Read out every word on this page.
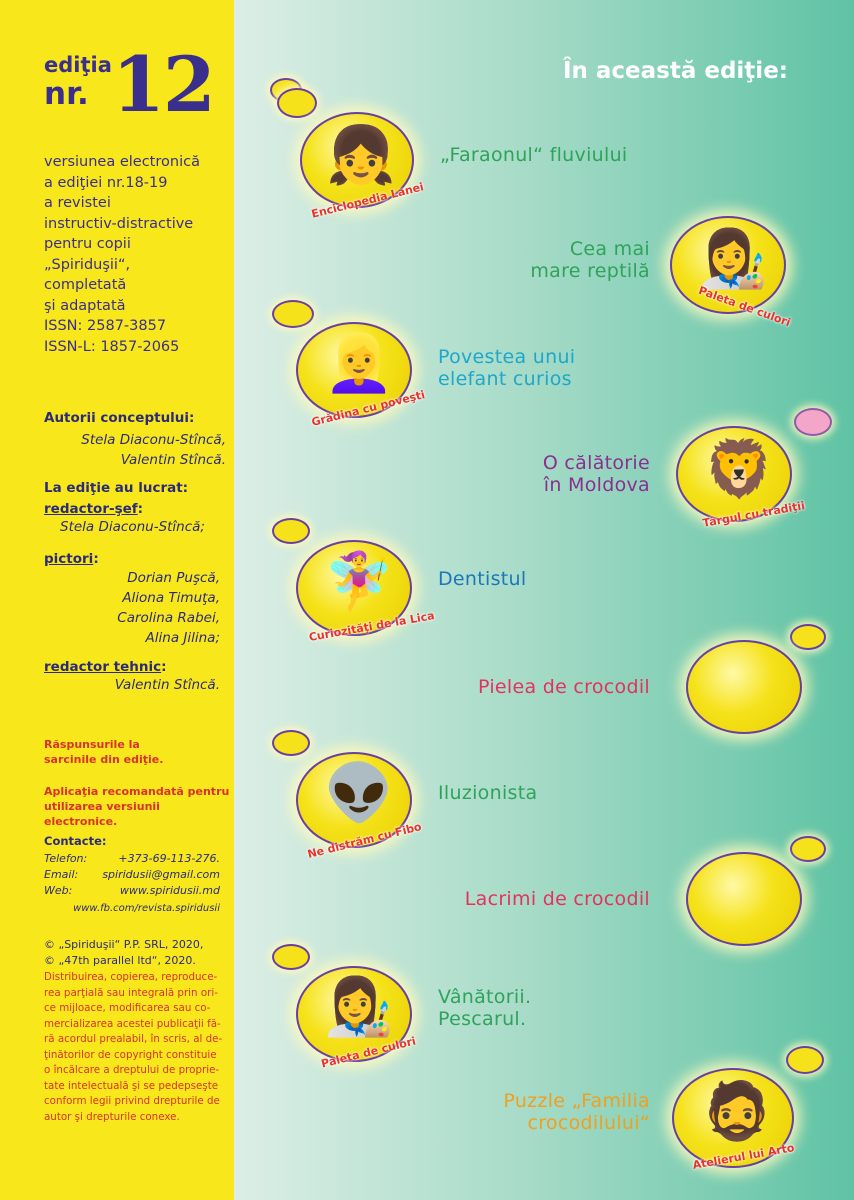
ediţia
nr. 12
versiunea electronică
a ediţiei nr.18-19
a revistei
instructiv-distractive
pentru copii
„Spiriduşii“,
completată
şi adaptată
ISSN: 2587-3857
ISSN-L: 1857-2065
Autorii conceptului:
Stela Diaconu-Stîncă,
Valentin Stîncă.
La ediţie au lucrat:
redactor-şef:
Stela Diaconu-Stîncă;
pictori:
Dorian Puşcă,
Aliona Timuţa,
Carolina Rabei,
Alina Jilina;
redactor tehnic:
Valentin Stîncă.
Răspunsurile la
sarcinile din ediţie.
Aplicaţia recomandată pentru
utilizarea versiunii electronice.
Contacte:
Telefon:	+373-69-113-276.
Email: spiridusii@gmail.com
Web:	www.spiridusii.md
www.fb.com/revista.spiridusii
© „Spiriduşii“ P.P. SRL, 2020,
© „47th parallel ltd“, 2020.
Distribuirea, copierea, reproduce-
rea parţială sau integrală prin ori-
ce mijloace, modificarea sau co-
mercializarea acestei publicaţii fă-
ră acordul prealabil, în scris, al de-
ţinătorilor de copyright constituie
o încălcare a dreptului de proprie-
tate intelectuală şi se pedepseşte
conform legii privind drepturile de
autor şi drepturile conexe.
În această ediţie:
👧
Enciclopedia Lanei
„Faraonul“ fluviului
👩‍🎨
Paleta de culori
Cea mai
mare reptilă
👱‍♀️
Grădina cu poveşti
Povestea unui
elefant curios
🦁
Târgul cu tradiţii
O călătorie
în Moldova
🧚‍♀️
Curiozităţi de la Lica
Dentistul
Pielea de crocodil
👽
Ne distrăm cu Fibo
Iluzionista
Lacrimi de crocodil
👩‍🎨
Paleta de culori
Vânătorii.
Pescarul.
🧔
Atelierul lui Arto
Puzzle „Familia
crocodilului“
